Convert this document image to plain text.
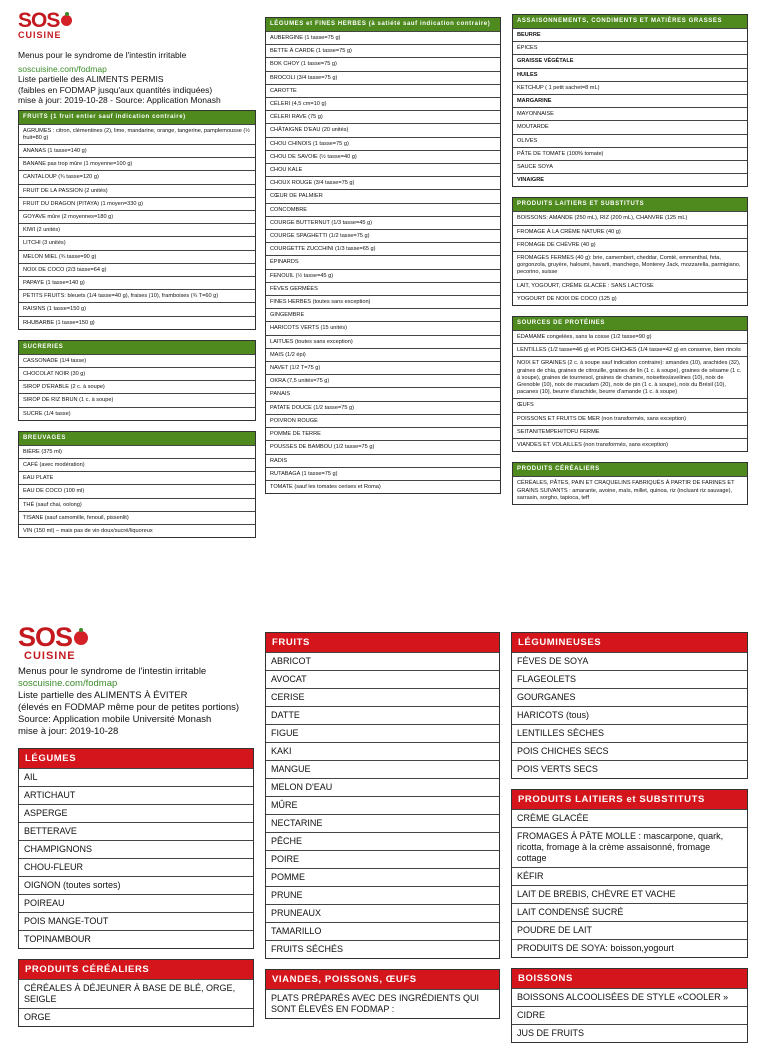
SOS
CUISINE
Menus pour le syndrome de l'intestin irritable
soscuisine.com/fodmap
Liste partielle des ALIMENTS PERMIS
(faibles en FODMAP jusqu'aux quantités indiquées)
mise à jour: 2019-10-28 - Source: Application Monash
FRUITS (1 fruit entier sauf indication contraire)
AGRUMES : citron, clémentines (2), lime, mandarine, orange, tangerine, pamplemousse (½ fruit=80 g)
ANANAS (1 tasse=140 g)
BANANE pas trop mûre (1 moyenne=100 g)
CANTALOUP (¾ tasse=120 g)
FRUIT DE LA PASSION (2 unités)
FRUIT DU DRAGON (PITAYA) (1 moyen=330 g)
GOYAVE mûre (2 moyennes=180 g)
KIWI (2 unités)
LITCHI (3 unités)
MELON MIEL (¾ tasse=90 g)
NOIX DE COCO (2/3 tasse=64 g)
PAPAYE (1 tasse=140 g)
PETITS FRUITS: bleuets (1/4 tasse=40 g), fraises (10), framboises (¾ T=60 g)
RAISINS (1 tasse=150 g)
RHUBARBE (1 tasse=150 g)
SUCRERIES
CASSONADE (1/4 tasse)
CHOCOLAT NOIR (30 g)
SIROP D'ÉRABLE (2 c. à soupe)
SIROP DE RIZ BRUN (1 c. à soupe)
SUCRE (1/4 tasse)
BREUVAGES
BIÈRE (375 ml)
CAFÉ (avec modération)
EAU PLATE
EAU DE COCO (100 ml)
THÉ (sauf chai, oolong)
TISANE (sauf camomille, fenouil, pissenlit)
VIN (150 ml) – mais pas de vin doux/sucré/liquoreux
LÉGUMES et FINES HERBES (à satiété sauf indication contraire)
AUBERGINE (1 tasse=75 g)
BETTE À CARDE (1 tasse=75 g)
BOK CHOY (1 tasse=75 g)
BROCOLI (3/4 tasse=75 g)
CAROTTE
CÉLERI (4,5 cm=10 g)
CÉLERI RAVE (75 g)
CHÂTAIGNE D'EAU (20 unités)
CHOU CHINOIS (1 tasse=75 g)
CHOU DE SAVOIE (½ tasse=40 g)
CHOU KALE
CHOUX ROUGE (3/4 tasse=75 g)
CŒUR DE PALMIER
CONCOMBRE
COURGE BUTTERNUT (1/3 tasse=45 g)
COURGE SPAGHETTI (1/2 tasse=75 g)
COURGETTE ZUCCHINI (1/3 tasse=65 g)
ÉPINARDS
FENOUIL (½ tasse=45 g)
FÈVES GERMÉES
FINES HERBES (toutes sans exception)
GINGEMBRE
HARICOTS VERTS (15 unités)
LAITUES (toutes sans exception)
MAIS (1/2 épi)
NAVET (1/2 T=75 g)
OKRA (7,5 unités=75 g)
PANAIS
PATATE DOUCE (1/2 tasse=75 g)
POIVRON ROUGE
POMME DE TERRE
POUSSES DE BAMBOU (1/2 tasse=75 g)
RADIS
RUTABAGA (1 tasse=75 g)
TOMATE (sauf les tomates cerises et Roma)
ASSAISONNEMENTS, CONDIMENTS ET MATIÈRES GRASSES
BEURRE
ÉPICES
GRAISSE VÉGÉTALE
HUILES
KETCHUP ( 1 petit sachet=8 mL)
MARGARINE
MAYONNAISE
MOUTARDE
OLIVES
PÂTE DE TOMATE (100% tomate)
SAUCE SOYA
VINAIGRE
PRODUITS LAITIERS ET SUBSTITUTS
BOISSONS: AMANDE (250 mL), RIZ (200 mL), CHANVRE (125 mL)
FROMAGE À LA CRÈME NATURE (40 g)
FROMAGE DE CHÈVRE (40 g)
FROMAGES FERMES (40 g): brie, camembert, cheddar, Comté, emmenthal, feta, gorgonzola, gruyère, haloumi, havarti, manchego, Monterey Jack, mozzarella, parmigiano, pecorino, suisse
LAIT, YOGOURT, CRÈME GLACÉE : SANS LACTOSE
YOGOURT DE NOIX DE COCO (125 g)
SOURCES DE PROTÉINES
ÉDAMAME congelées, sans la cosse (1/2 tasse=90 g)
LENTILLES (1/2 tasse=46 g) et POIS CHICHES (1/4 tasse=42 g) en conserve, bien rincés
NOIX ET GRAINES (2 c. à soupe sauf indication contraire): amandes (10), arachides (32), graines de chia, graines de citrouille, graines de lin (1 c. à soupe), graines de sésame (1 c. à soupe), graines de tournesol, graines de chanvre, noisettes/avelines (10), noix de Grenoble (10), noix de macadam (20), noix de pin (1 c. à soupe), noix du Brésil (10), pacanes (10), beurre d'arachide, beurre d'amande (1 c. à soupe)
ŒUFS
POISSONS ET FRUITS DE MER (non transformés, sans exception)
SEITAN/TEMPEH/TOFU FERME
VIANDES ET VOLAILLES (non transformés, sans exception)
PRODUITS CÉRÉALIERS
CÉRÉALES, PÂTES, PAIN ET CRAQUELINS FABRIQUÉS À PARTIR DE FARINES ET GRAINS SUIVANTS : amarante, avoine, maïs, millet, quinoa, riz (incluant riz sauvage), sarrasin, sorgho, tapioca, teff
SOS
CUISINE
Menus pour le syndrome de l'intestin irritable
soscuisine.com/fodmap
Liste partielle des ALIMENTS À ÉVITER
(élevés en FODMAP même pour de petites portions)
Source: Application mobile Université Monash
mise à jour: 2019-10-28
LÉGUMES
AIL
ARTICHAUT
ASPERGE
BETTERAVE
CHAMPIGNONS
CHOU-FLEUR
OIGNON (toutes sortes)
POIREAU
POIS MANGE-TOUT
TOPINAMBOUR
PRODUITS CÉRÉALIERS
CÉRÉALES À DÉJEUNER À BASE DE BLÉ, ORGE, SEIGLE
ORGE
FRUITS
ABRICOT
AVOCAT
CERISE
DATTE
FIGUE
KAKI
MANGUE
MELON D'EAU
MÛRE
NECTARINE
PÊCHE
POIRE
POMME
PRUNE
PRUNEAUX
TAMARILLO
FRUITS SÉCHÉS
VIANDES, POISSONS, ŒUFS
PLATS PRÉPARÉS AVEC DES INGRÉDIENTS QUI SONT ÉLEVÉS EN FODMAP :
LÉGUMINEUSES
FÈVES DE SOYA
FLAGEOLETS
GOURGANES
HARICOTS (tous)
LENTILLES SÈCHES
POIS CHICHES SECS
POIS VERTS SECS
PRODUITS LAITIERS et SUBSTITUTS
CRÈME GLACÉE
FROMAGES À PÂTE MOLLE : mascarpone, quark, ricotta, fromage à la crème assaisonné, fromage cottage
KÉFIR
LAIT DE BREBIS, CHÈVRE ET VACHE
LAIT CONDENSÉ SUCRÉ
POUDRE DE LAIT
PRODUITS DE SOYA: boisson,yogourt
BOISSONS
BOISSONS ALCOOLISÉES DE STYLE «COOLER »
CIDRE
JUS DE FRUITS
